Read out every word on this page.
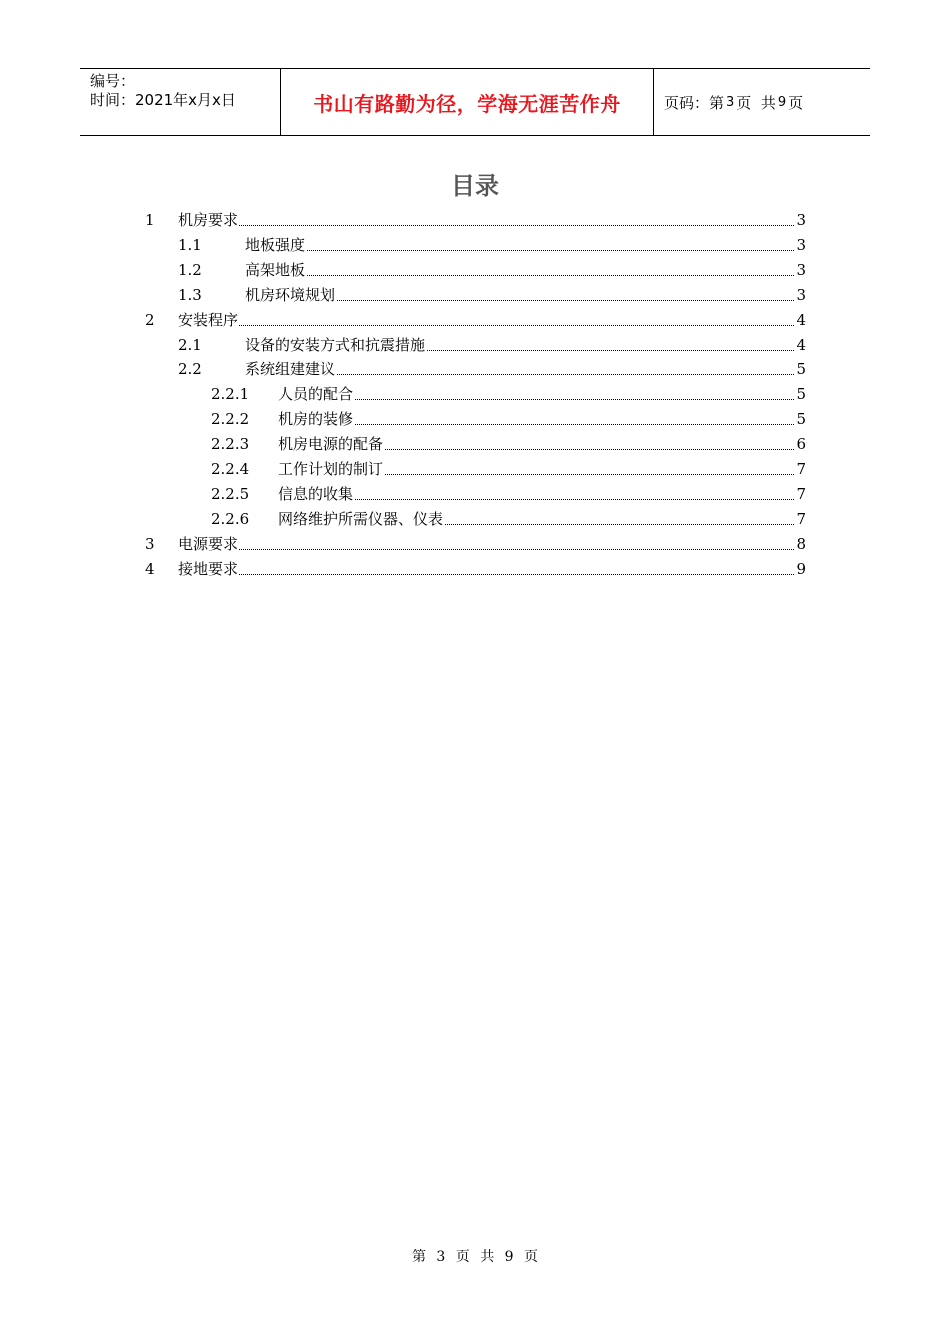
编号：
时间：2021年x月x日	书山有路勤为径，学海无涯苦作舟	页码：第 3 页  共 9 页
目录
1 机房要求	3
1.1	地板强度	3
1.2	高架地板	3
1.3	机房环境规划	3
2 安装程序	4
2.1	设备的安装方式和抗震措施	4
2.2	系统组建建议	5
2.2.1 人员的配合	5
2.2.2 机房的装修	5
2.2.3 机房电源的配备	6
2.2.4 工作计划的制订	7
2.2.5 信息的收集	7
2.2.6 网络维护所需仪器、仪表	7
3 电源要求	8
4 接地要求	9
第 3 页 共 9 页
